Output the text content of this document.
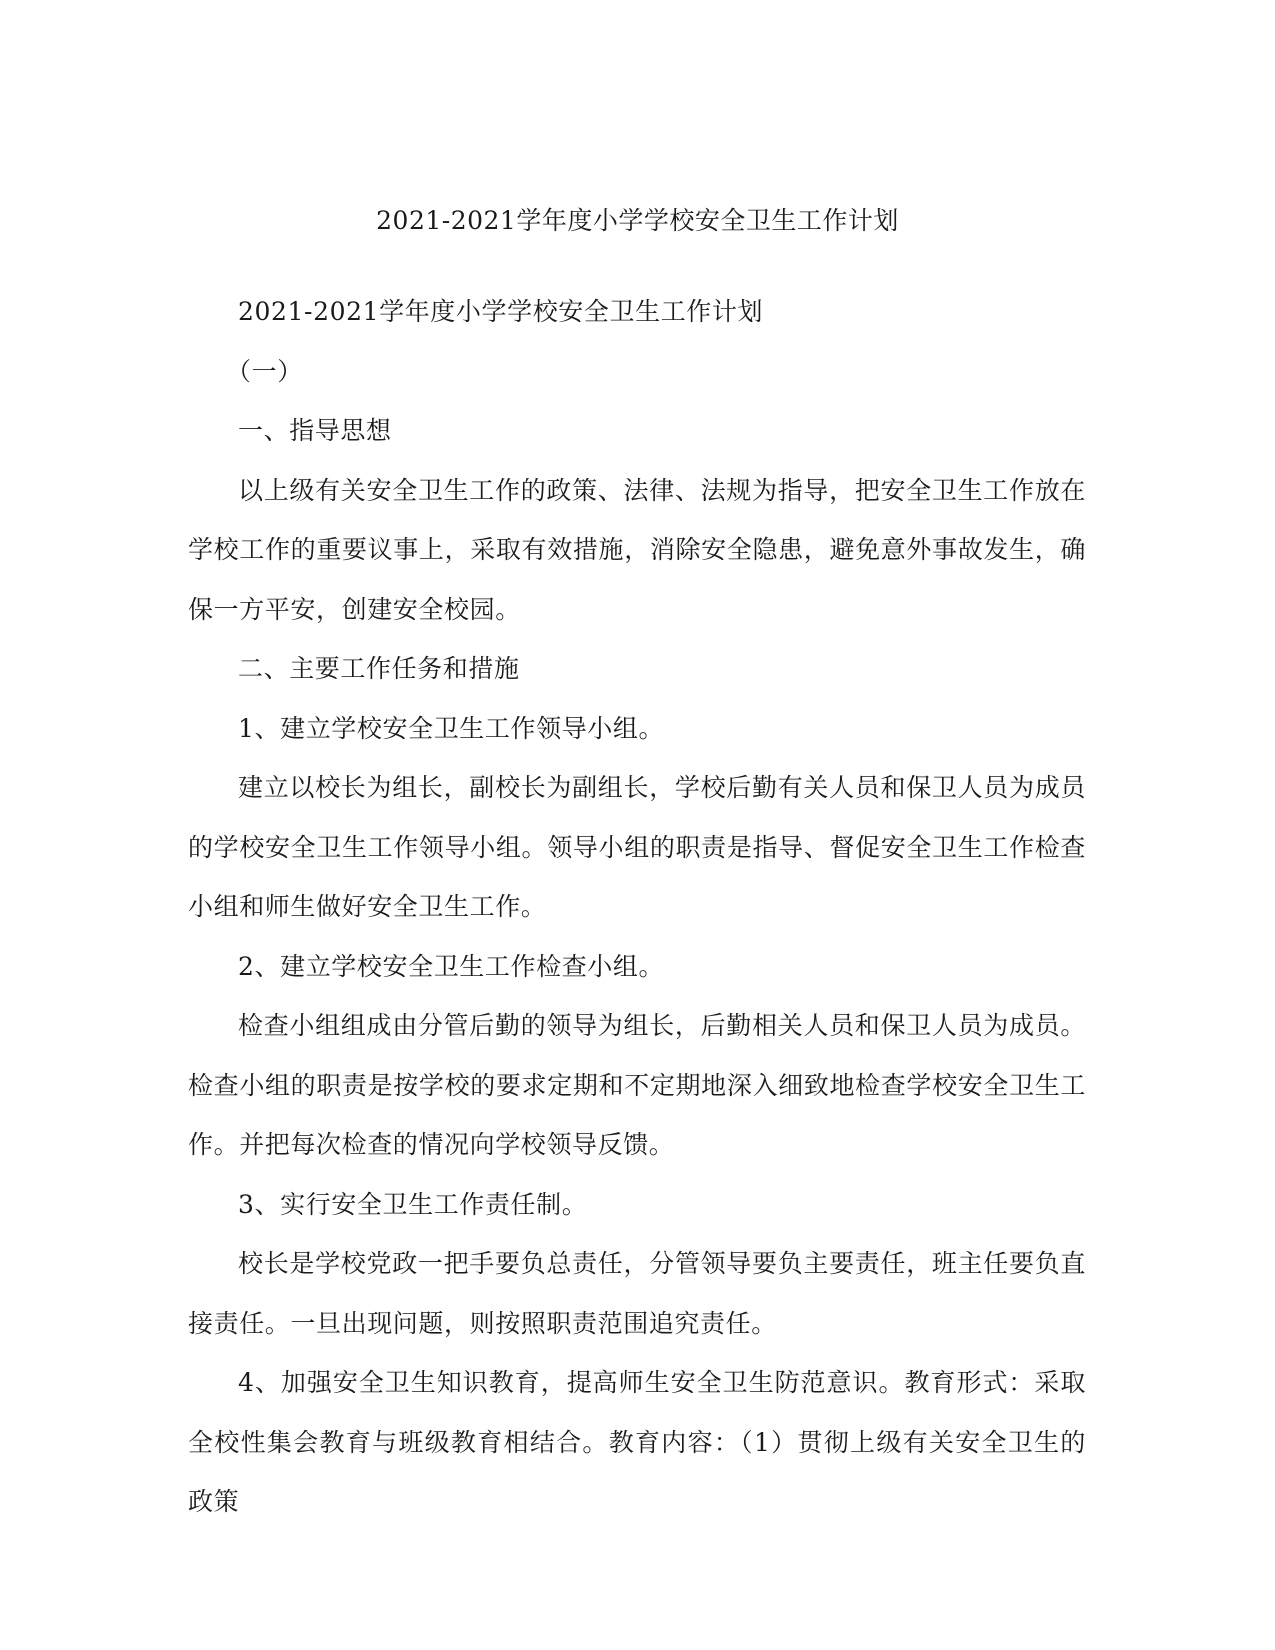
2021-2021学年度小学学校安全卫生工作计划

2021-2021学年度小学学校安全卫生工作计划

（一）

一、指导思想

以上级有关安全卫生工作的政策、法律、法规为指导，把安全卫生工作放在学校工作的重要议事上，采取有效措施，消除安全隐患，避免意外事故发生，确保一方平安，创建安全校园。

二、主要工作任务和措施

1、建立学校安全卫生工作领导小组。

建立以校长为组长，副校长为副组长，学校后勤有关人员和保卫人员为成员的学校安全卫生工作领导小组。领导小组的职责是指导、督促安全卫生工作检查小组和师生做好安全卫生工作。

2、建立学校安全卫生工作检查小组。

检查小组组成由分管后勤的领导为组长，后勤相关人员和保卫人员为成员。检查小组的职责是按学校的要求定期和不定期地深入细致地检查学校安全卫生工作。并把每次检查的情况向学校领导反馈。

3、实行安全卫生工作责任制。

校长是学校党政一把手要负总责任，分管领导要负主要责任，班主任要负直接责任。一旦出现问题，则按照职责范围追究责任。

4、加强安全卫生知识教育，提高师生安全卫生防范意识。教育形式：采取全校性集会教育与班级教育相结合。教育内容：（1）贯彻上级有关安全卫生的政策
